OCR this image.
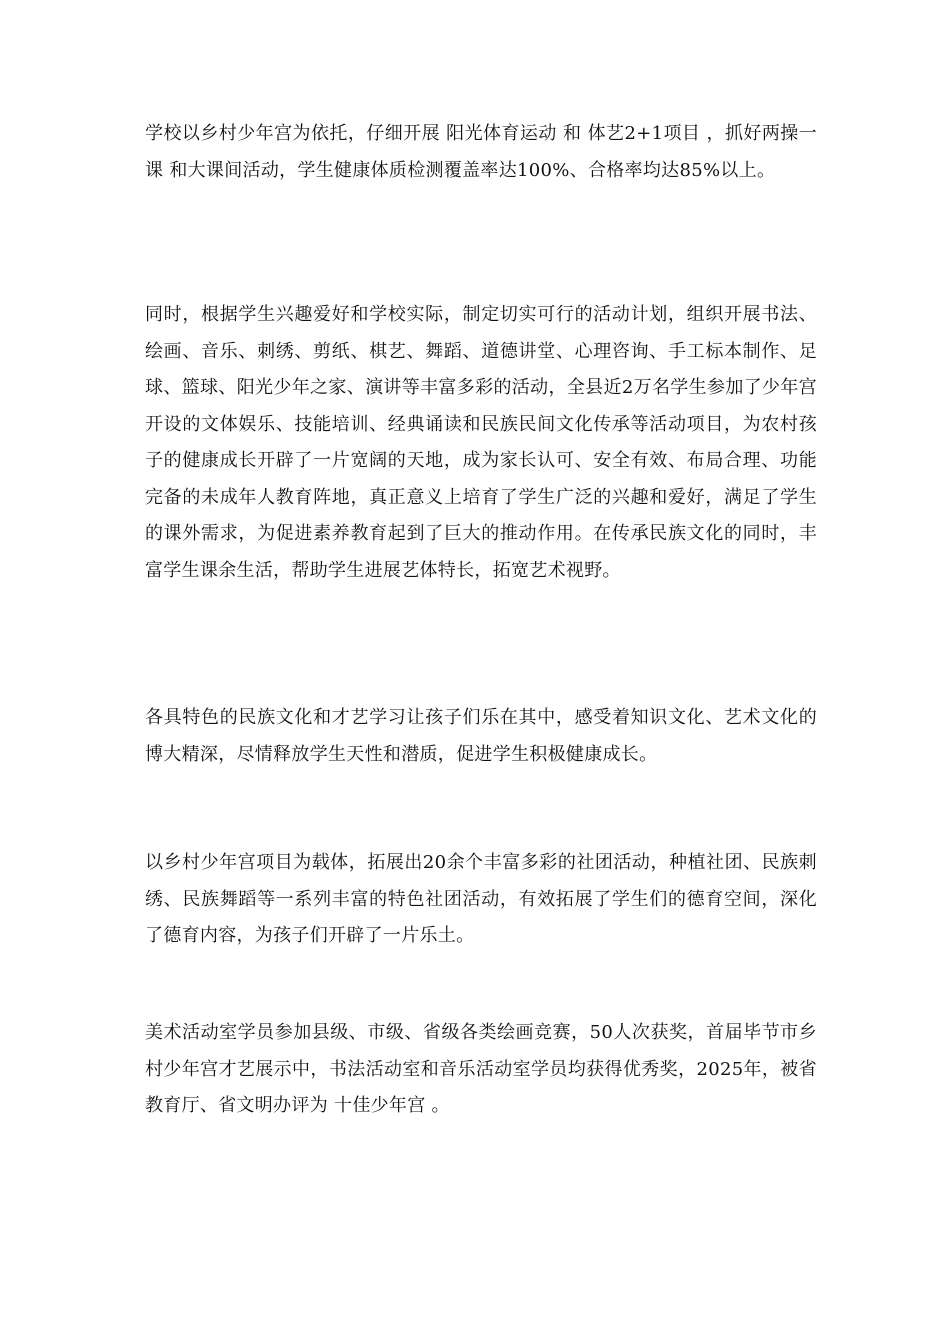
学校以乡村少年宫为依托，仔细开展 阳光体育运动 和 体艺2+1项目 ，抓好两操一课 和大课间活动，学生健康体质检测覆盖率达100%、合格率均达85%以上。

同时，根据学生兴趣爱好和学校实际，制定切实可行的活动计划，组织开展书法、绘画、音乐、刺绣、剪纸、棋艺、舞蹈、道德讲堂、心理咨询、手工标本制作、足球、篮球、阳光少年之家、演讲等丰富多彩的活动，全县近2万名学生参加了少年宫开设的文体娱乐、技能培训、经典诵读和民族民间文化传承等活动项目，为农村孩子的健康成长开辟了一片宽阔的天地，成为家长认可、安全有效、布局合理、功能完备的未成年人教育阵地，真正意义上培育了学生广泛的兴趣和爱好，满足了学生的课外需求，为促进素养教育起到了巨大的推动作用。在传承民族文化的同时，丰富学生课余生活，帮助学生进展艺体特长，拓宽艺术视野。

各具特色的民族文化和才艺学习让孩子们乐在其中，感受着知识文化、艺术文化的博大精深，尽情释放学生天性和潜质，促进学生积极健康成长。

以乡村少年宫项目为载体，拓展出20余个丰富多彩的社团活动，种植社团、民族刺绣、民族舞蹈等一系列丰富的特色社团活动，有效拓展了学生们的德育空间，深化了德育内容，为孩子们开辟了一片乐土。

美术活动室学员参加县级、市级、省级各类绘画竞赛，50人次获奖，首届毕节市乡村少年宫才艺展示中，书法活动室和音乐活动室学员均获得优秀奖，2025年，被省教育厅、省文明办评为 十佳少年宫 。
